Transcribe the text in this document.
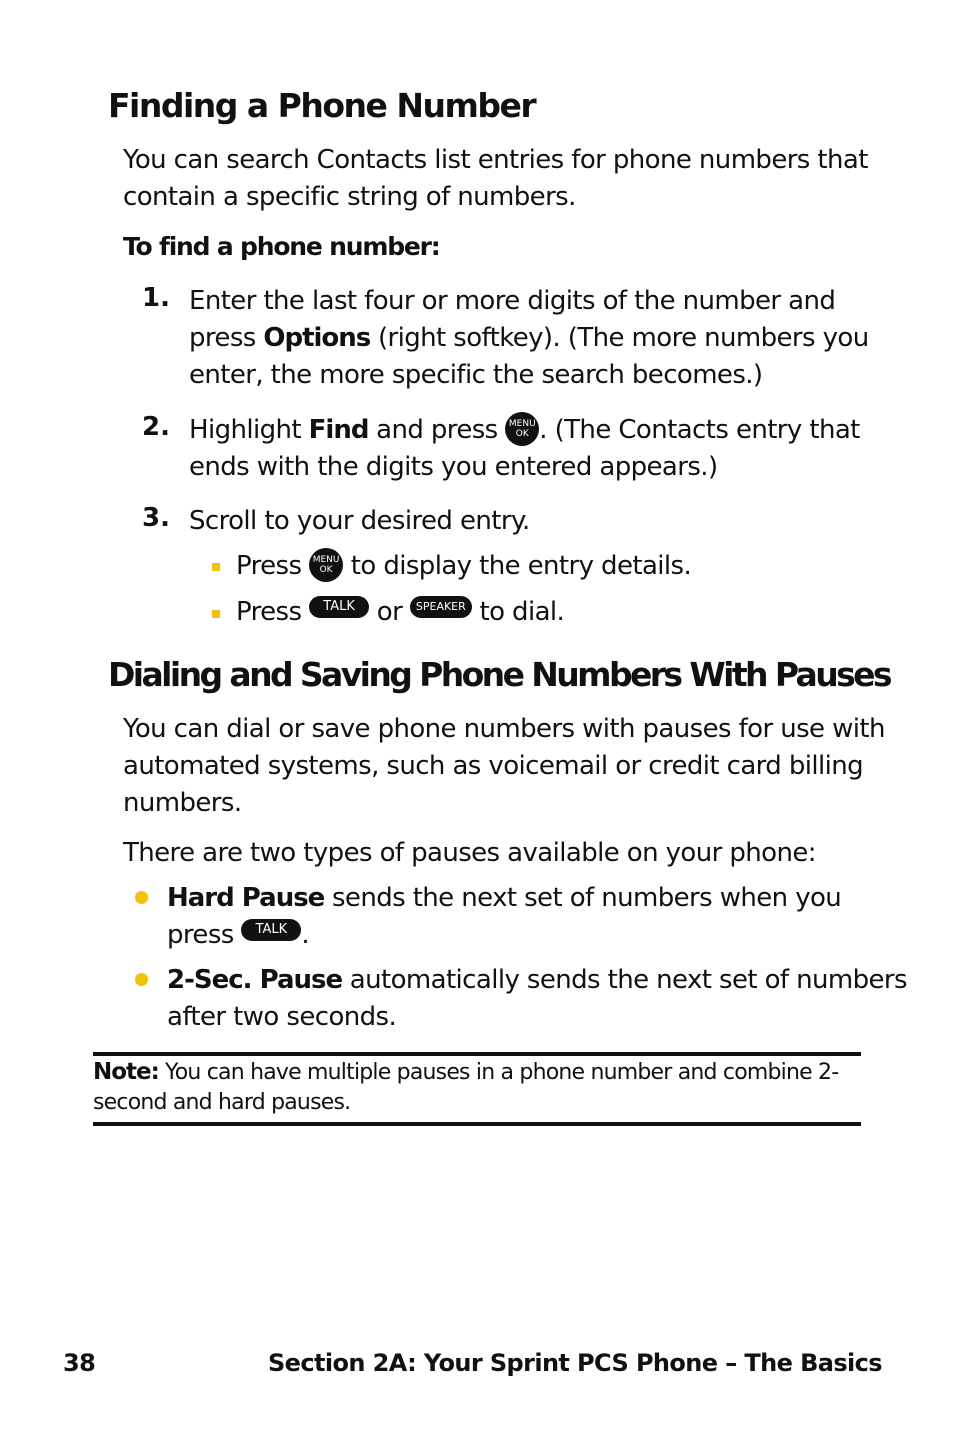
Finding a Phone Number
You can search Contacts list entries for phone numbers that
contain a specific string of numbers.
To find a phone number:
1. Enter the last four or more digits of the number and
press Options (right softkey). (The more numbers you
enter, the more specific the search becomes.)
2. Highlight Find and press MENU
OK . (The Contacts entry that
ends with the digits you entered appears.)
3. Scroll to your desired entry.
Press MENU
OK to display the entry details.
Press TALK or SPEAKER to dial.
Dialing and Saving Phone Numbers With Pauses
You can dial or save phone numbers with pauses for use with
automated systems, such as voicemail or credit card billing
numbers.
There are two types of pauses available on your phone:
Hard Pause sends the next set of numbers when you
press TALK .
2-Sec. Pause automatically sends the next set of numbers
after two seconds.
Note: You can have multiple pauses in a phone number and combine 2-
second and hard pauses.
38	Section 2A: Your Sprint PCS Phone – The Basics
